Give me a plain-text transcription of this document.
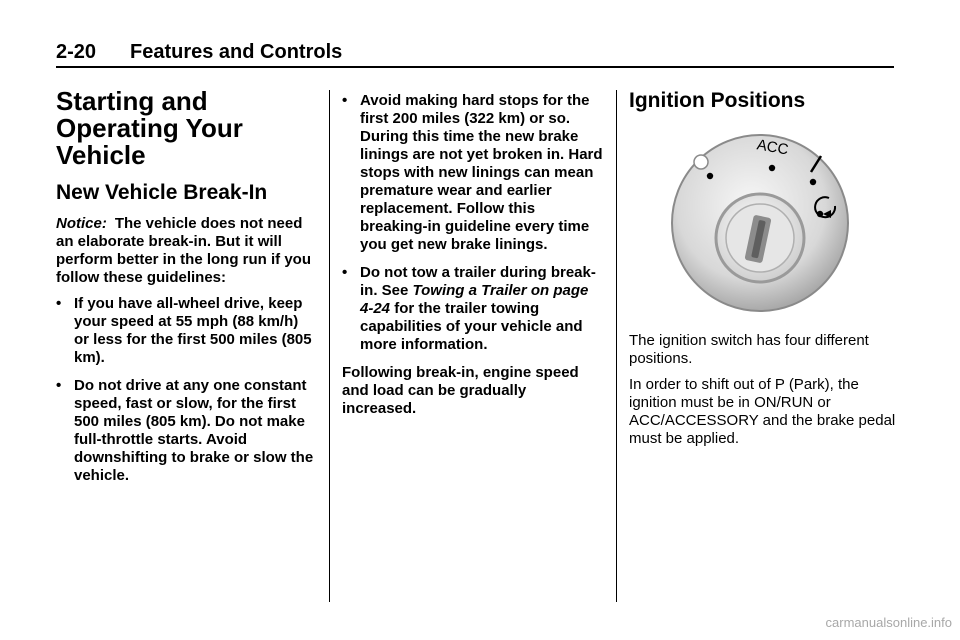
2-20 Features and Controls
Starting and Operating Your Vehicle
New Vehicle Break-In

Notice: The vehicle does not need an elaborate break-in. But it will perform better in the long run if you follow these guidelines:

• If you have all-wheel drive, keep your speed at 55 mph (88 km/h) or less for the first 500 miles (805 km).
• Do not drive at any one constant speed, fast or slow, for the first 500 miles (805 km). Do not make full-throttle starts. Avoid downshifting to brake or slow the vehicle.
• Avoid making hard stops for the first 200 miles (322 km) or so. During this time the new brake linings are not yet broken in. Hard stops with new linings can mean premature wear and earlier replacement. Follow this breaking-in guideline every time you get new brake linings.
• Do not tow a trailer during break-in. See Towing a Trailer on page 4-24 for the trailer towing capabilities of your vehicle and more information.

Following break-in, engine speed and load can be gradually increased.

Ignition Positions
ACC

The ignition switch has four different positions.

In order to shift out of P (Park), the ignition must be in ON/RUN or ACC/ACCESSORY and the brake pedal must be applied.

carmanualsonline.info
